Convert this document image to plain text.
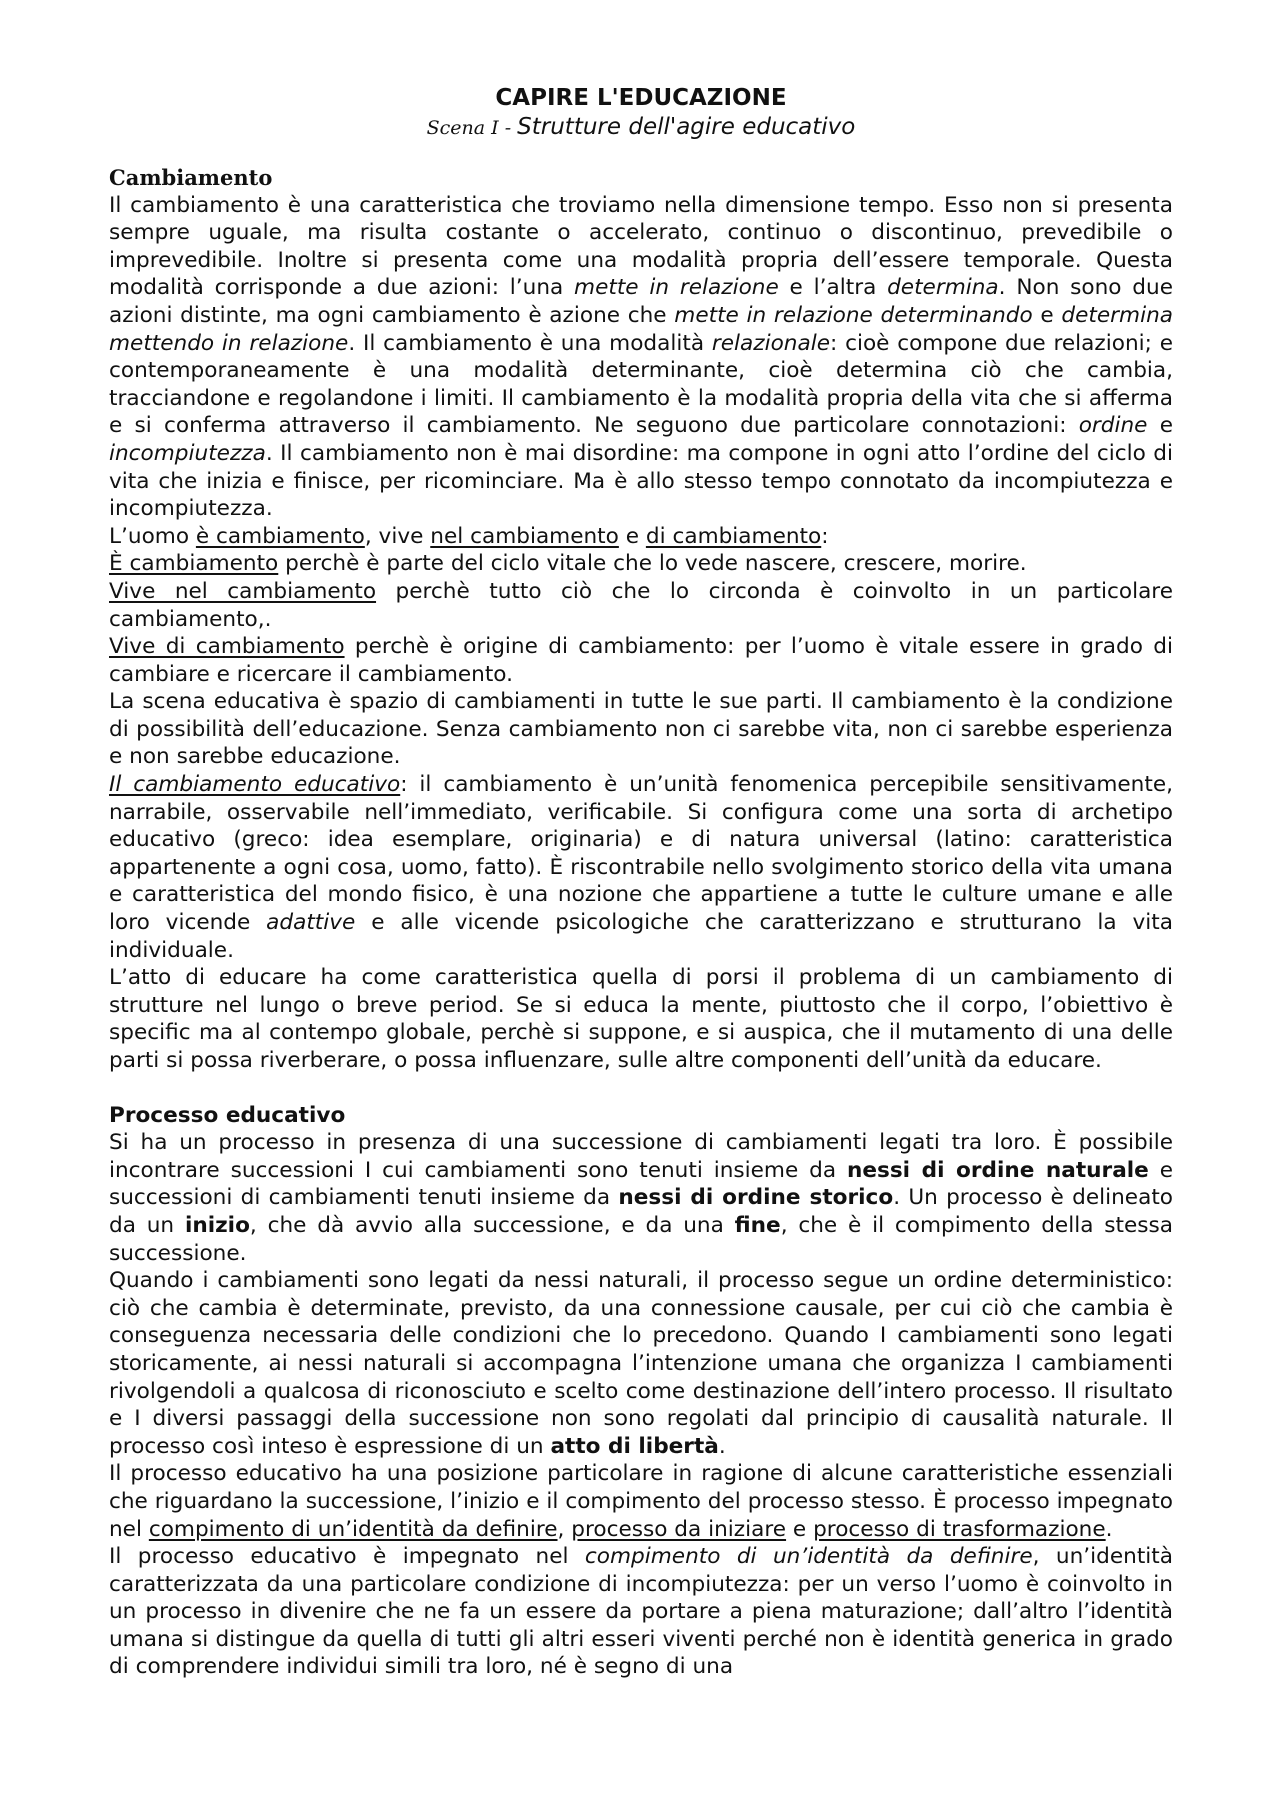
CAPIRE L'EDUCAZIONE
Scena I - Strutture dell'agire educativo
Cambiamento

Il cambiamento è una caratteristica che troviamo nella dimensione tempo. Esso non si presenta sempre uguale, ma risulta costante o accelerato, continuo o discontinuo, prevedibile o imprevedibile. Inoltre si presenta come una modalità propria dell’essere temporale. Questa modalità corrisponde a due azioni: l’una mette in relazione e l’altra determina. Non sono due azioni distinte, ma ogni cambiamento è azione che mette in relazione determinando e determina mettendo in relazione. Il cambiamento è una modalità relazionale: cioè compone due relazioni; e contemporaneamente è una modalità determinante, cioè determina ciò che cambia, tracciandone e regolandone i limiti. Il cambiamento è la modalità propria della vita che si afferma e si conferma attraverso il cambiamento. Ne seguono due particolare connotazioni: ordine e incompiutezza. Il cambiamento non è mai disordine: ma compone in ogni atto l’ordine del ciclo di vita che inizia e finisce, per ricominciare. Ma è allo stesso tempo connotato da incompiutezza e incompiutezza.

L’uomo è cambiamento, vive nel cambiamento e di cambiamento:

È cambiamento perchè è parte del ciclo vitale che lo vede nascere, crescere, morire.

Vive nel cambiamento perchè tutto ciò che lo circonda è coinvolto in un particolare cambiamento,.

Vive di cambiamento perchè è origine di cambiamento: per l’uomo è vitale essere in grado di cambiare e ricercare il cambiamento.

La scena educativa è spazio di cambiamenti in tutte le sue parti. Il cambiamento è la condizione di possibilità dell’educazione. Senza cambiamento non ci sarebbe vita, non ci sarebbe esperienza e non sarebbe educazione.

Il cambiamento educativo: il cambiamento è un’unità fenomenica percepibile sensitivamente, narrabile, osservabile nell’immediato, verificabile. Si configura come una sorta di archetipo educativo (greco: idea esemplare, originaria) e di natura universal (latino: caratteristica appartenente a ogni cosa, uomo, fatto). È riscontrabile nello svolgimento storico della vita umana e caratteristica del mondo fisico, è una nozione che appartiene a tutte le culture umane e alle loro vicende adattive e alle vicende psicologiche che caratterizzano e strutturano la vita individuale.

L’atto di educare ha come caratteristica quella di porsi il problema di un cambiamento di strutture nel lungo o breve period. Se si educa la mente, piuttosto che il corpo, l’obiettivo è specific ma al contempo globale, perchè si suppone, e si auspica, che il mutamento di una delle parti si possa riverberare, o possa influenzare, sulle altre componenti dell’unità da educare.

Processo educativo

Si ha un processo in presenza di una successione di cambiamenti legati tra loro. È possibile incontrare successioni I cui cambiamenti sono tenuti insieme da nessi di ordine naturale e successioni di cambiamenti tenuti insieme da nessi di ordine storico. Un processo è delineato da un inizio, che dà avvio alla successione, e da una fine, che è il compimento della stessa successione.

Quando i cambiamenti sono legati da nessi naturali, il processo segue un ordine deterministico: ciò che cambia è determinate, previsto, da una connessione causale, per cui ciò che cambia è conseguenza necessaria delle condizioni che lo precedono. Quando I cambiamenti sono legati storicamente, ai nessi naturali si accompagna l’intenzione umana che organizza I cambiamenti rivolgendoli a qualcosa di riconosciuto e scelto come destinazione dell’intero processo. Il risultato e I diversi passaggi della successione non sono regolati dal principio di causalità naturale. Il processo così inteso è espressione di un atto di libertà.

Il processo educativo ha una posizione particolare in ragione di alcune caratteristiche essenziali che riguardano la successione, l’inizio e il compimento del processo stesso. È processo impegnato nel compimento di un’identità da definire, processo da iniziare e processo di trasformazione.

Il processo educativo è impegnato nel compimento di un’identità da definire, un’identità caratterizzata da una particolare condizione di incompiutezza: per un verso l’uomo è coinvolto in un processo in divenire che ne fa un essere da portare a piena maturazione; dall’altro l’identità umana si distingue da quella di tutti gli altri esseri viventi perché non è identità generica in grado di comprendere individui simili tra loro, né è segno di una
